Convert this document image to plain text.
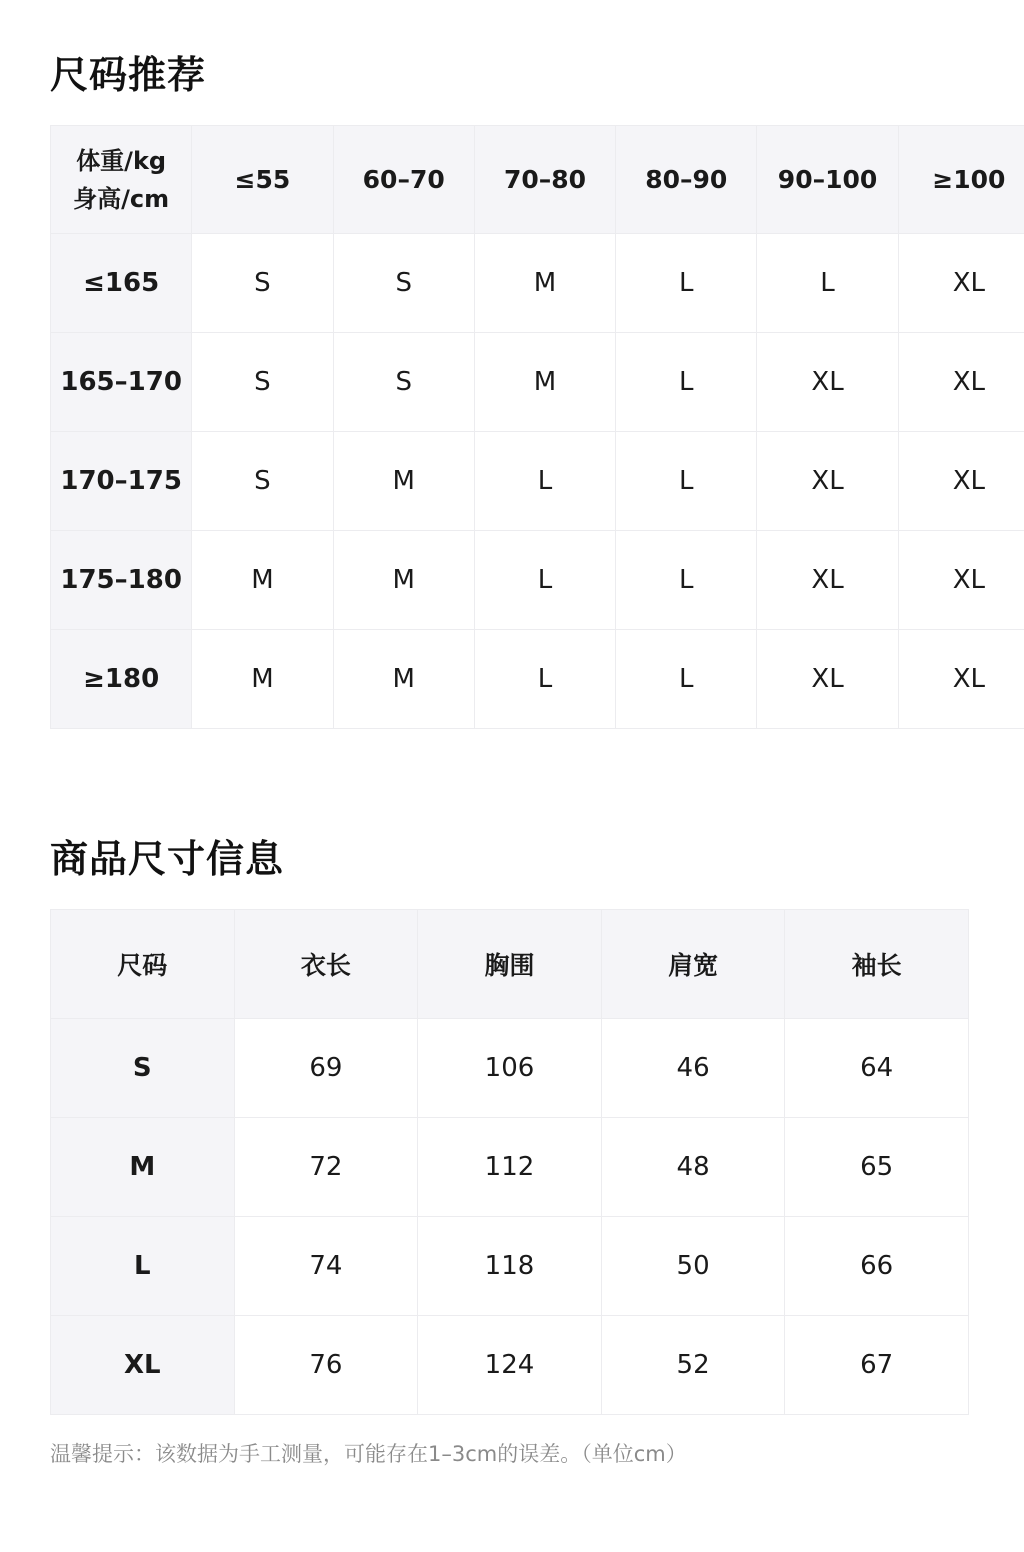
尺码推荐
体重/kg
身高/cm	≤55	60–70	70–80	80–90	90–100	≥100
≤165	S	S	M	L	L	XL
165–170	S	S	M	L	XL	XL
170–175	S	M	L	L	XL	XL
175–180	M	M	L	L	XL	XL
≥180	M	M	L	L	XL	XL
商品尺寸信息
尺码	衣长	胸围	肩宽	袖长
S	69	106	46	64
M	72	112	48	65
L	74	118	50	66
XL	76	124	52	67

温馨提示：该数据为手工测量，可能存在1–3cm的误差。（单位cm）
